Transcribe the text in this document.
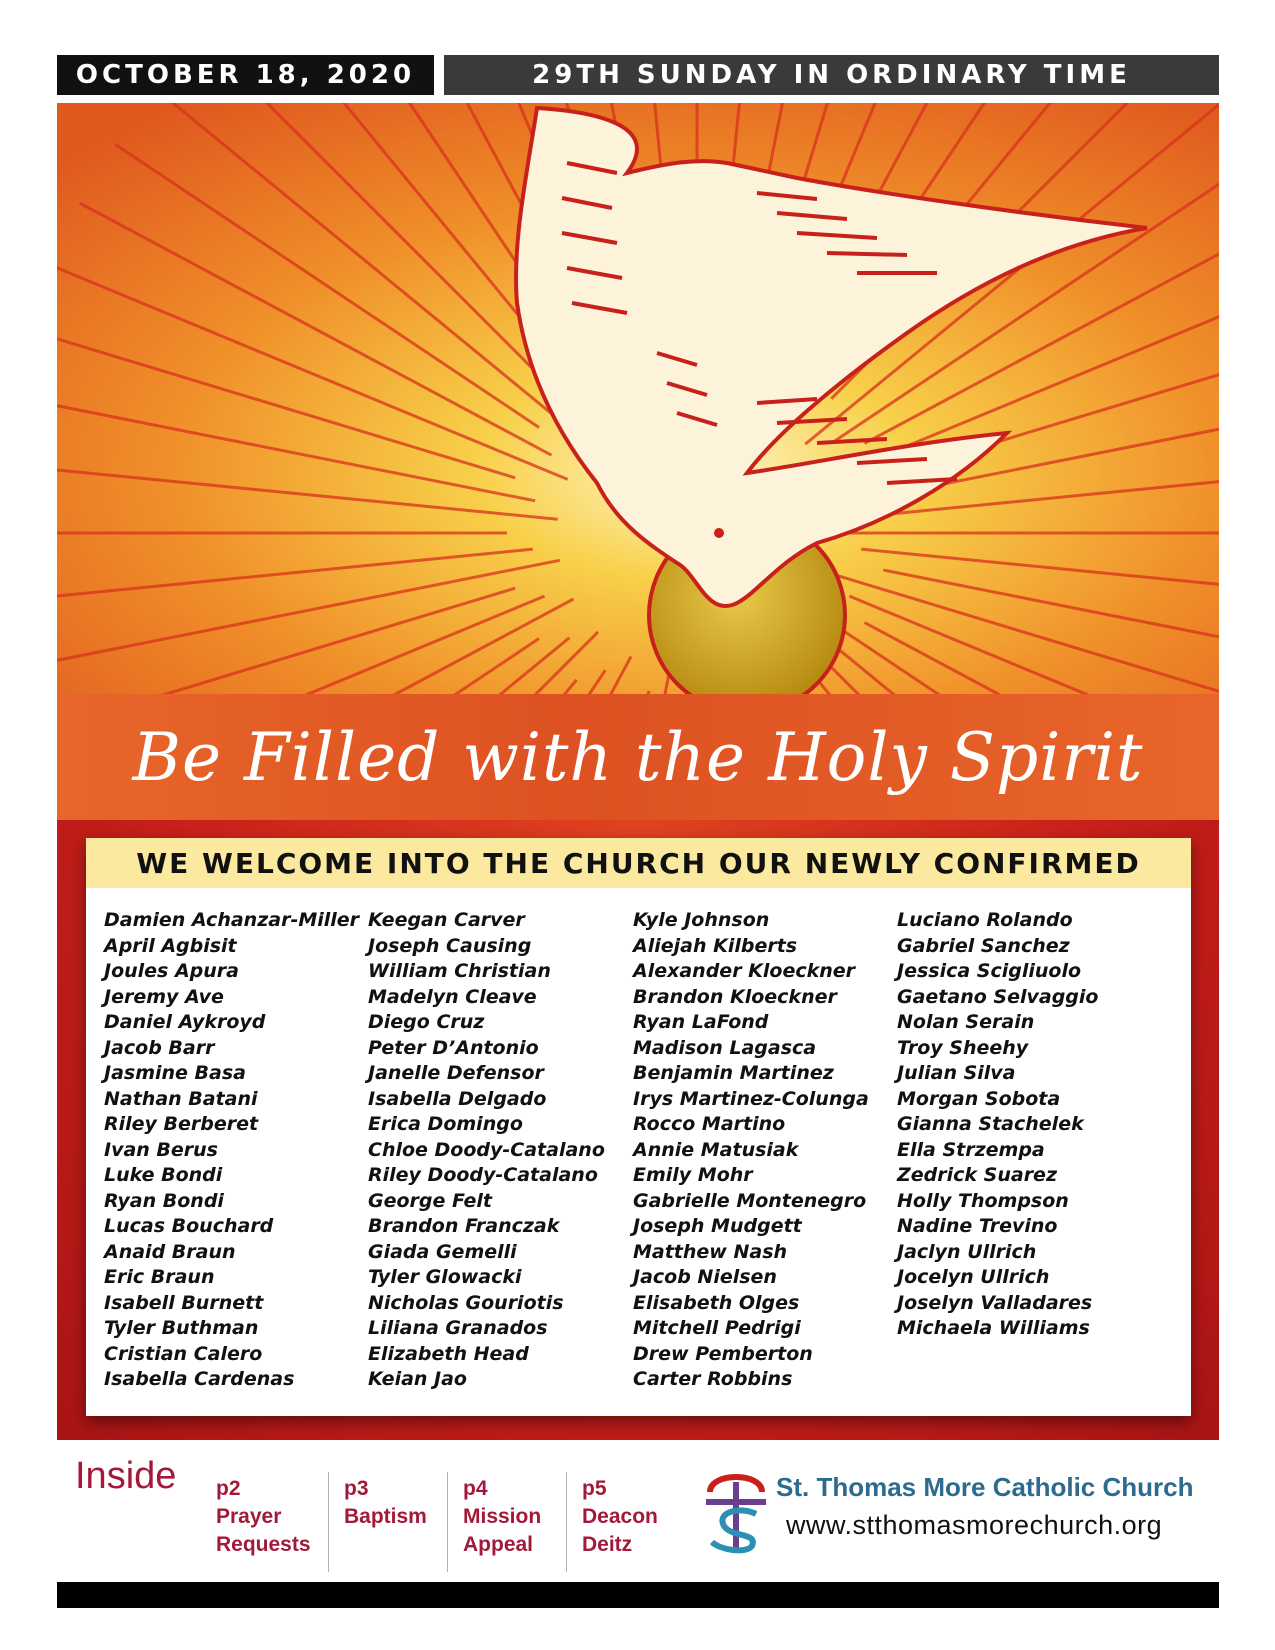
OCTOBER 18, 2020	29TH SUNDAY IN ORDINARY TIME
Be Filled with the Holy Spirit
WE WELCOME INTO THE CHURCH OUR NEWLY CONFIRMED
Damien Achanzar-Miller
April Agbisit
Joules Apura
Jeremy Ave
Daniel Aykroyd
Jacob Barr
Jasmine Basa
Nathan Batani
Riley Berberet
Ivan Berus
Luke Bondi
Ryan Bondi
Lucas Bouchard
Anaid Braun
Eric Braun
Isabell Burnett
Tyler Buthman
Cristian Calero
Isabella Cardenas
Keegan Carver
Joseph Causing
William Christian
Madelyn Cleave
Diego Cruz
Peter D’Antonio
Janelle Defensor
Isabella Delgado
Erica Domingo
Chloe Doody-Catalano
Riley Doody-Catalano
George Felt
Brandon Franczak
Giada Gemelli
Tyler Glowacki
Nicholas Gouriotis
Liliana Granados
Elizabeth Head
Keian Jao
Kyle Johnson
Aliejah Kilberts
Alexander Kloeckner
Brandon Kloeckner
Ryan LaFond
Madison Lagasca
Benjamin Martinez
Irys Martinez-Colunga
Rocco Martino
Annie Matusiak
Emily Mohr
Gabrielle Montenegro
Joseph Mudgett
Matthew Nash
Jacob Nielsen
Elisabeth Olges
Mitchell Pedrigi
Drew Pemberton
Carter Robbins
Luciano Rolando
Gabriel Sanchez
Jessica Scigliuolo
Gaetano Selvaggio
Nolan Serain
Troy Sheehy
Julian Silva
Morgan Sobota
Gianna Stachelek
Ella Strzempa
Zedrick Suarez
Holly Thompson
Nadine Trevino
Jaclyn Ullrich
Jocelyn Ullrich
Joselyn Valladares
Michaela Williams
Inside p2
Prayer
Requests
p3
Baptism
p4
Mission
Appeal
p5
Deacon
Deitz
St. Thomas More Catholic Church
www.stthomasmorechurch.org
